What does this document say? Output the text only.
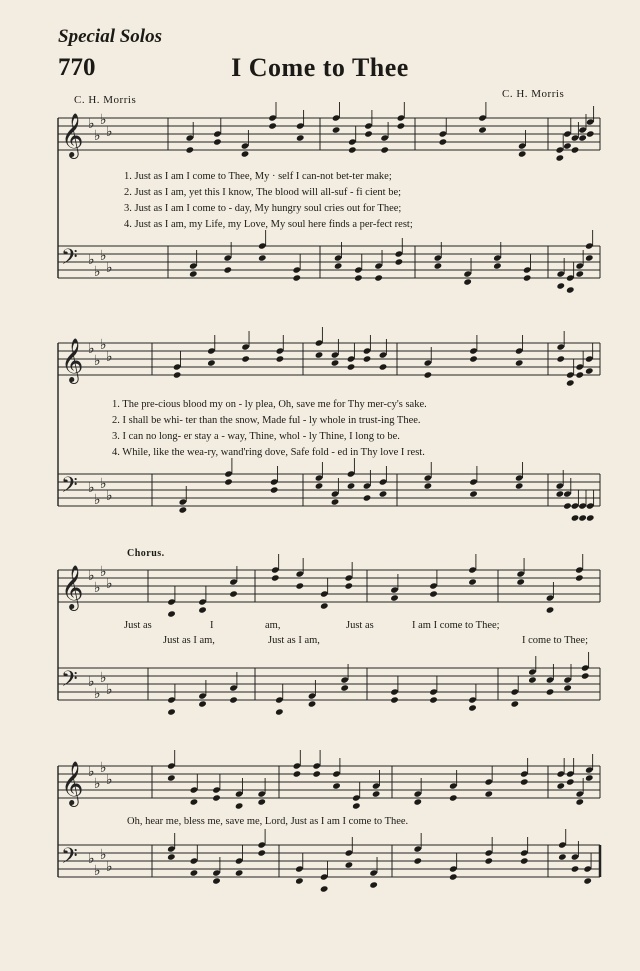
Special Solos
770	I Come to Thee
C. H. Morris	C. H. Morris
𝄞 ♭
♭
♭
♭
𝄢 ♭
♭
♭
♭
𝄞 ♭
♭
♭
♭
𝄢 ♭
♭
♭
♭
𝄞 ♭
♭
♭
♭
𝄢 ♭
♭
♭
♭
𝄞 ♭
♭
♭
♭
𝄢 ♭
♭
♭
♭
1. Just as I am I come to Thee, My · self I can-not bet-ter make;
2. Just as I am, yet this I know, The blood will all-suf - fi cient be;
3. Just as I am I come to - day, My hungry soul cries out for Thee;
4. Just as I am, my Life, my Love, My soul here finds a per-fect rest;
1. The pre-cious blood my on - ly plea, Oh, save me for Thy mer-cy's sake.
2. I shall be whi- ter than the snow, Made ful - ly whole in trust-ing Thee.
3. I can no long- er stay a - way, Thine, whol - ly Thine, I long to be.
4. While, like the wea-ry, wand'ring dove, Safe fold - ed in Thy love I rest.
Chorus.
Just as	I	am,	Just as	I am I come to Thee;
Just as I am,	Just as I am,	I come to Thee;
Oh, hear me, bless me, save me, Lord, Just as I am I come to Thee.
